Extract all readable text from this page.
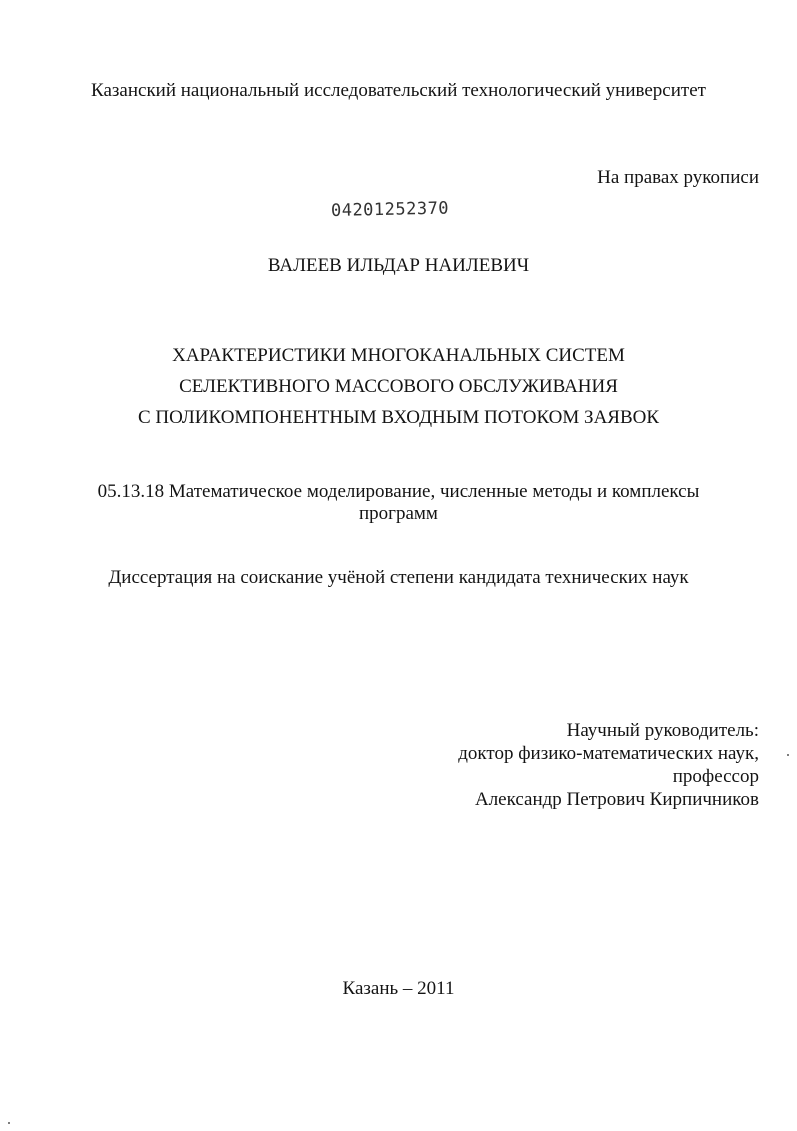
Казанский национальный исследовательский технологический университет
На правах рукописи
04201252370
ВАЛЕЕВ ИЛЬДАР НАИЛЕВИЧ
ХАРАКТЕРИСТИКИ МНОГОКАНАЛЬНЫХ СИСТЕМ
СЕЛЕКТИВНОГО МАССОВОГО ОБСЛУЖИВАНИЯ
С ПОЛИКОМПОНЕНТНЫМ ВХОДНЫМ ПОТОКОМ ЗАЯВОК
05.13.18 Математическое моделирование, численные методы и комплексы
программ
Диссертация на соискание учёной степени кандидата технических наук
Научный руководитель:
доктор физико-математических наук,
профессор
Александр Петрович Кирпичников
Казань – 2011
